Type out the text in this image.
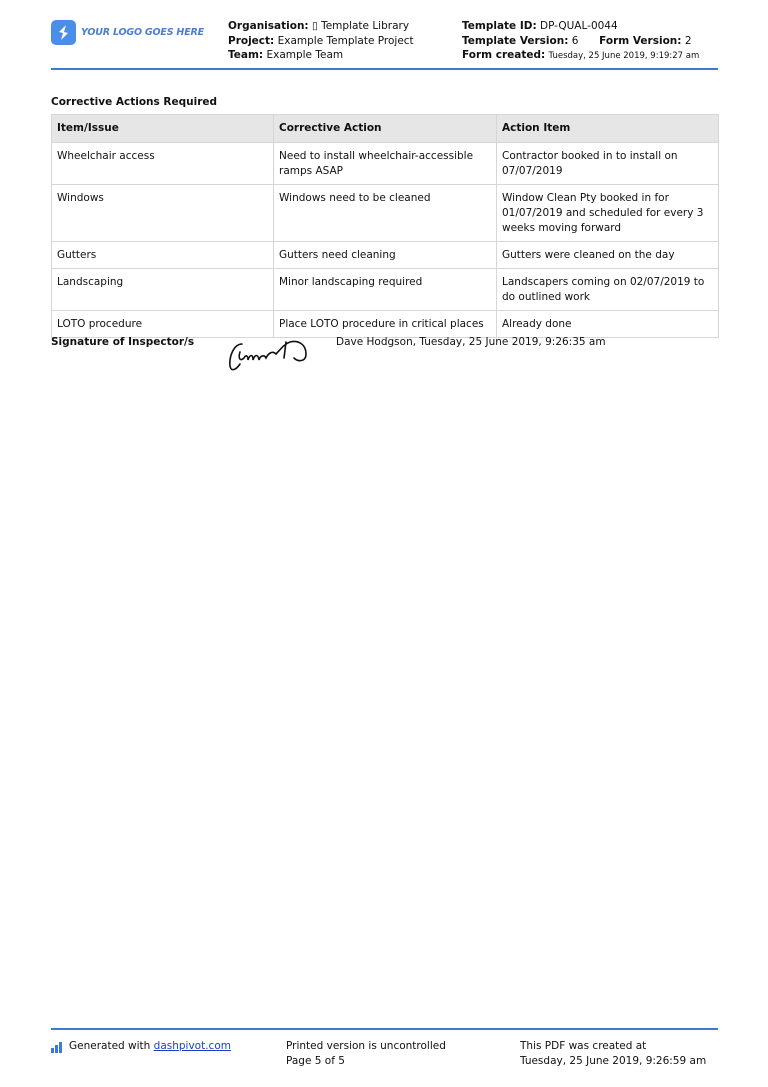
YOUR LOGO GOES HERE
Organisation: ▯ Template Library
Project: Example Template Project
Team: Example Team
Template ID: DP-QUAL-0044
Template Version: 6 Form Version: 2
Form created: Tuesday, 25 June 2019, 9:19:27 am
Corrective Actions Required
Item/Issue	Corrective Action	Action Item
Wheelchair access	Need to install wheelchair-accessible ramps ASAP	Contractor booked in to install on 07/07/2019
Windows	Windows need to be cleaned	Window Clean Pty booked in for 01/07/2019 and scheduled for every 3 weeks moving forward
Gutters	Gutters need cleaning	Gutters were cleaned on the day
Landscaping	Minor landscaping required	Landscapers coming on 02/07/2019 to do outlined work
LOTO procedure	Place LOTO procedure in critical places	Already done
Signature of Inspector/s	Dave Hodgson, Tuesday, 25 June 2019, 9:26:35 am
Generated with dashpivot.com	Printed version is uncontrolled
Page 5 of 5
This PDF was created at
Tuesday, 25 June 2019, 9:26:59 am
